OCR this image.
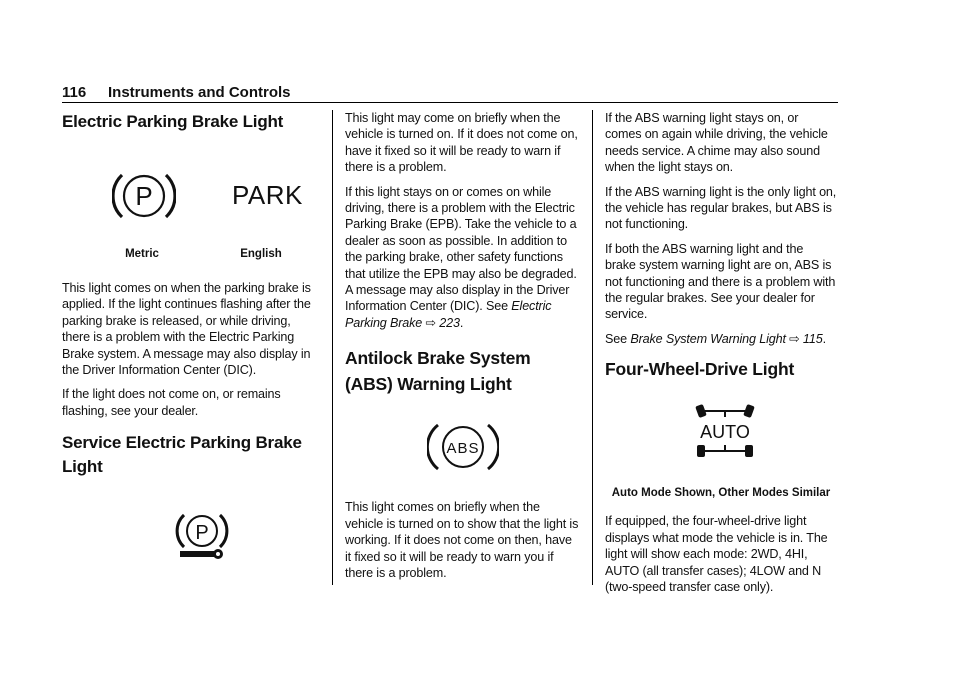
116 Instruments and Controls
Electric Parking Brake Light
P	PARK
Metric	English

This light comes on when the parking brake is applied. If the light continues flashing after the parking brake is released, or while driving, there is a problem with the Electric Parking Brake system. A message may also display in the Driver Information Center (DIC).

If the light does not come on, or remains flashing, see your dealer.

Service Electric Parking Brake Light
P

This light may come on briefly when the vehicle is turned on. If it does not come on, have it fixed so it will be ready to warn if there is a problem.

If this light stays on or comes on while driving, there is a problem with the Electric Parking Brake (EPB). Take the vehicle to a dealer as soon as possible. In addition to the parking brake, other safety functions that utilize the EPB may also be degraded.

A message may also display in the Driver Information Center (DIC). See Electric Parking Brake ⇨ 223.

Antilock Brake System (ABS) Warning Light
ABS

This light comes on briefly when the vehicle is turned on to show that the light is working. If it does not come on then, have it fixed so it will be ready to warn you if there is a problem.

If the ABS warning light stays on, or comes on again while driving, the vehicle needs service. A chime may also sound when the light stays on.

If the ABS warning light is the only light on, the vehicle has regular brakes, but ABS is not functioning.

If both the ABS warning light and the brake system warning light are on, ABS is not functioning and there is a problem with the regular brakes. See your dealer for service.

See Brake System Warning Light ⇨ 115.

Four-Wheel-Drive Light
AUTO
Auto Mode Shown, Other Modes Similar

If equipped, the four-wheel-drive light displays what mode the vehicle is in. The light will show each mode: 2WD, 4HI, AUTO (all transfer cases); 4LOW and N (two-speed transfer case only).
